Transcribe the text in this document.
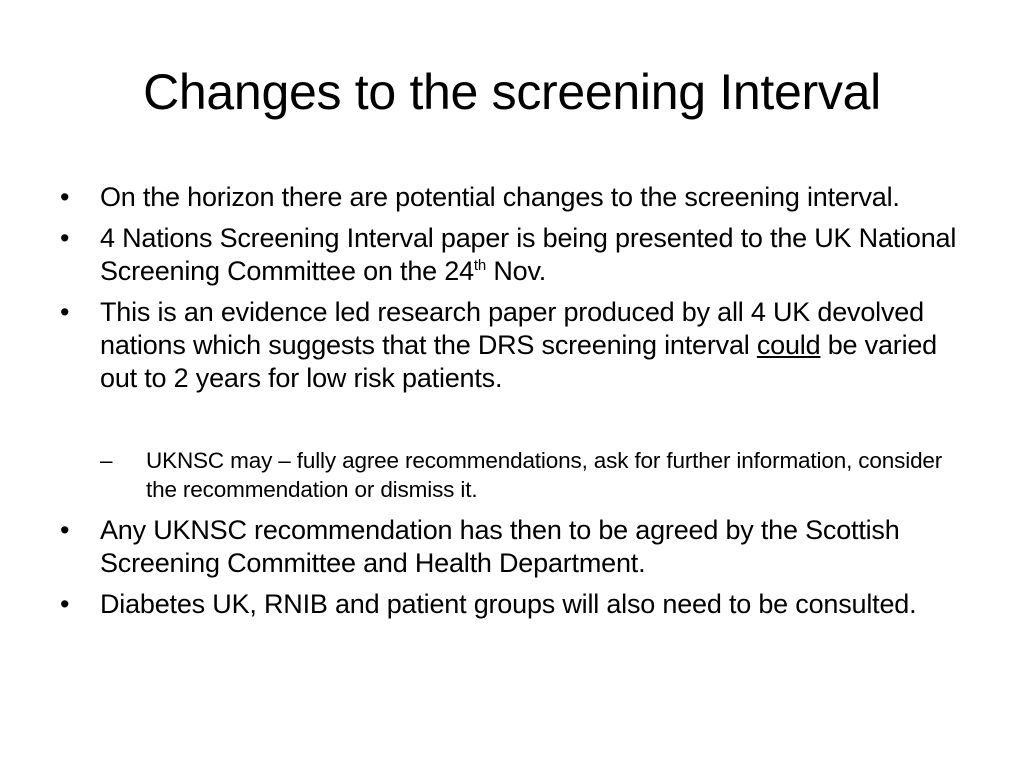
Changes to the screening Interval
•	On the horizon there are potential changes to the screening interval.
•	4 Nations Screening Interval paper is being presented to the UK National Screening Committee on the 24th Nov.
•	This is an evidence led research paper produced by all 4 UK devolved nations which suggests that the DRS screening interval could be varied out to 2 years for low risk patients.
– UKNSC may – fully agree recommendations, ask for further information, consider the recommendation or dismiss it.
•	Any UKNSC recommendation has then to be agreed by the Scottish Screening Committee and Health Department.
•	Diabetes UK, RNIB and patient groups will also need to be consulted.
